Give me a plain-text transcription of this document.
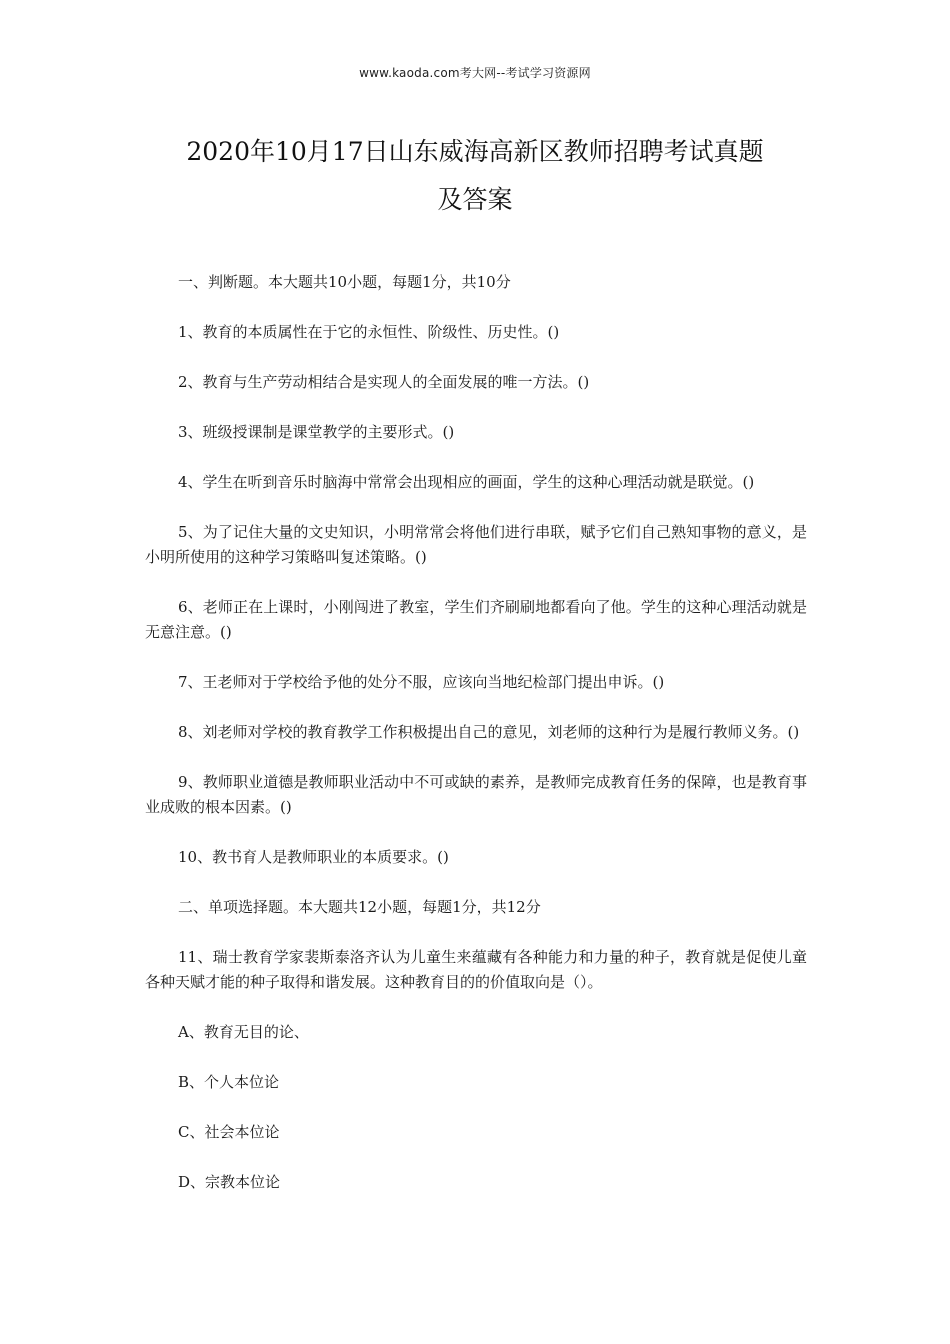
www.kaoda.com考大网--考试学习资源网
2020年10月17日山东威海高新区教师招聘考试真题
及答案

一、判断题。本大题共10小题，每题1分，共10分

1、教育的本质属性在于它的永恒性、阶级性、历史性。()

2、教育与生产劳动相结合是实现人的全面发展的唯一方法。()

3、班级授课制是课堂教学的主要形式。()

4、学生在听到音乐时脑海中常常会出现相应的画面，学生的这种心理活动就是联觉。()

5、为了记住大量的文史知识，小明常常会将他们进行串联，赋予它们自己熟知事物的意义，是小明所使用的这种学习策略叫复述策略。()

6、老师正在上课时，小刚闯进了教室，学生们齐刷刷地都看向了他。学生的这种心理活动就是无意注意。()

7、王老师对于学校给予他的处分不服，应该向当地纪检部门提出申诉。()

8、刘老师对学校的教育教学工作积极提出自己的意见，刘老师的这种行为是履行教师义务。()

9、教师职业道德是教师职业活动中不可或缺的素养，是教师完成教育任务的保障，也是教育事业成败的根本因素。()

10、教书育人是教师职业的本质要求。()

二、单项选择题。本大题共12小题，每题1分，共12分

11、瑞士教育学家裴斯泰洛齐认为儿童生来蕴藏有各种能力和力量的种子，教育就是促使儿童各种天赋才能的种子取得和谐发展。这种教育目的的价值取向是（）。

A、教育无目的论、

B、个人本位论

C、社会本位论

D、宗教本位论
